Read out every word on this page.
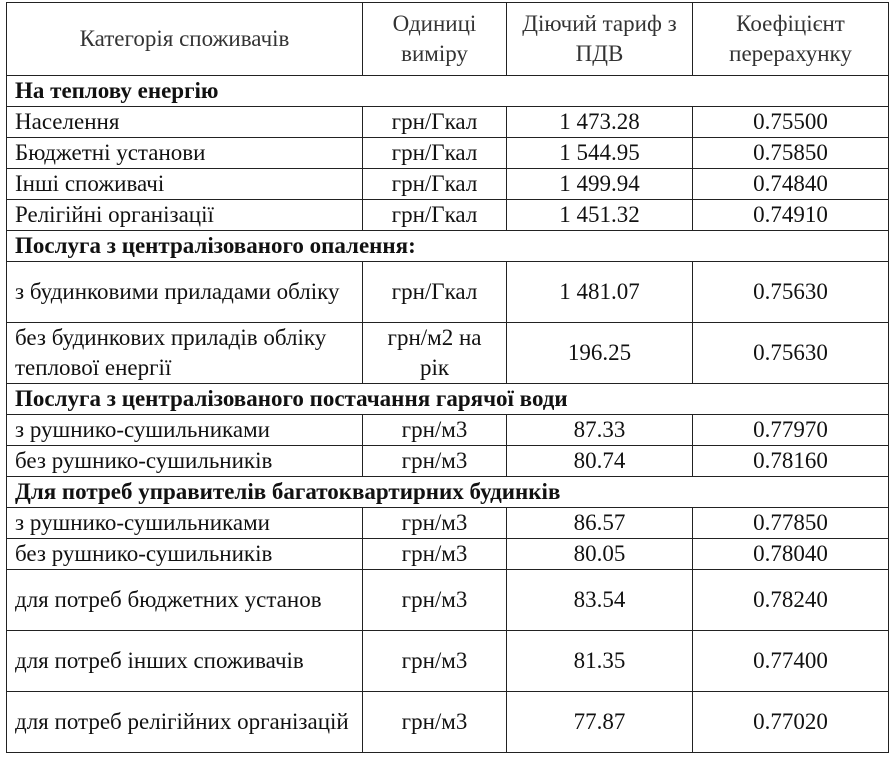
Категорія споживачів	Одиниці виміру	Діючий тариф з ПДВ	Коефіцієнт перерахунку
На теплову енергію			
Населення	грн/Гкал	1 473.28	0.75500
Бюджетні установи	грн/Гкал	1 544.95	0.75850
Інші споживачі	грн/Гкал	1 499.94	0.74840
Релігійні організації	грн/Гкал	1 451.32	0.74910
Послуга з централізованого опалення:			
з будинковими приладами обліку	грн/Гкал	1 481.07	0.75630
без будинкових приладів обліку теплової енергії	грн/м2 на рік	196.25	0.75630
Послуга з централізованого постачання гарячої води			
з рушнико-сушильниками	грн/м3	87.33	0.77970
без рушнико-сушильників	грн/м3	80.74	0.78160
Для потреб управителів багатоквартирних будинків			
з рушнико-сушильниками	грн/м3	86.57	0.77850
без рушнико-сушильників	грн/м3	80.05	0.78040
для потреб бюджетних установ	грн/м3	83.54	0.78240
для потреб інших споживачів	грн/м3	81.35	0.77400
для потреб релігійних організацій	грн/м3	77.87	0.77020
